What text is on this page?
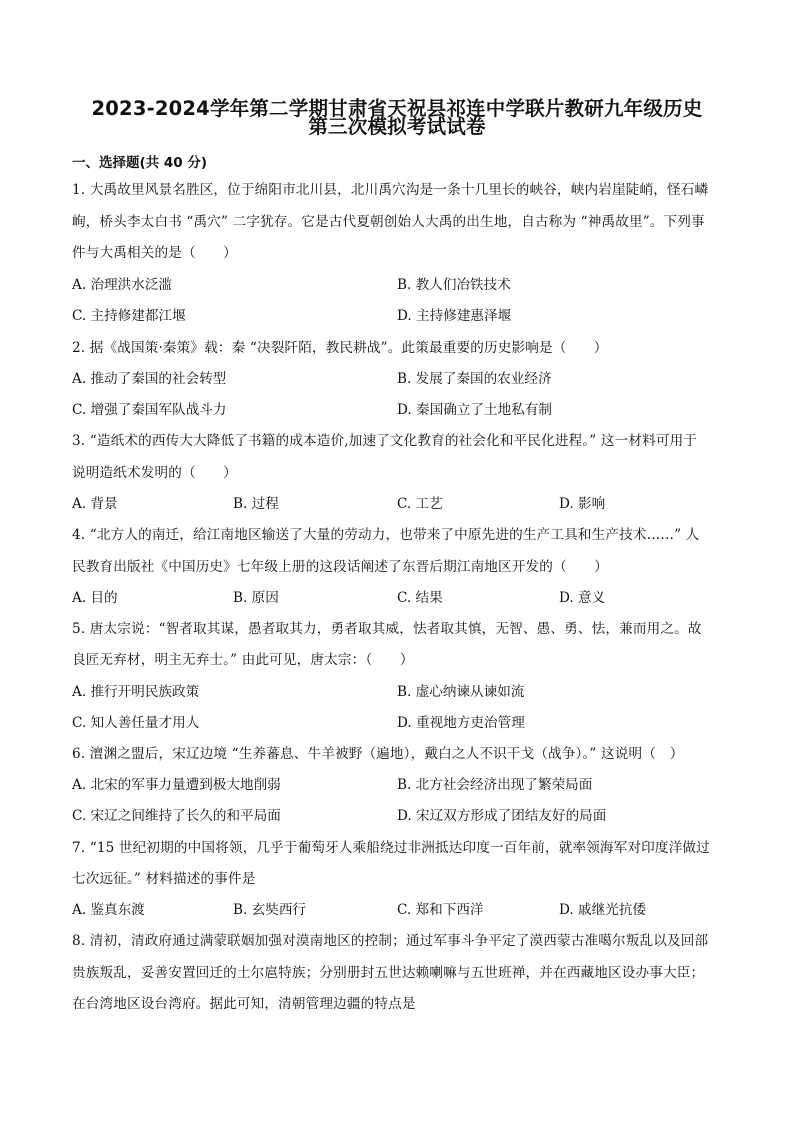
2023-2024学年第二学期甘肃省天祝县祁连中学联片教研九年级历史
第三次模拟考试试卷
一、选择题(共 40 分)
1. 大禹故里风景名胜区，位于绵阳市北川县，北川禹穴沟是一条十几里长的峡谷，峡内岩崖陡峭，怪石嶙
峋，桥头李太白书 “禹穴” 二字犹存。它是古代夏朝创始人大禹的出生地，自古称为 “神禹故里”。下列事
件与大禹相关的是（　　）
A. 治理洪水泛滥	B. 教人们冶铁技术
C. 主持修建都江堰	D. 主持修建惠泽堰
2. 据《战国策·秦策》载：秦 “决裂阡陌，教民耕战”。此策最重要的历史影响是（　　）
A. 推动了秦国的社会转型	B. 发展了秦国的农业经济
C. 增强了秦国军队战斗力	D. 秦国确立了土地私有制
3. “造纸术的西传大大降低了书籍的成本造价,加速了文化教育的社会化和平民化进程。” 这一材料可用于
说明造纸术发明的（　　）
A. 背景	B. 过程	C. 工艺	D. 影响
4. “北方人的南迁，给江南地区输送了大量的劳动力，也带来了中原先进的生产工具和生产技术……” 人
民教育出版社《中国历史》七年级上册的这段话阐述了东晋后期江南地区开发的（　　）
A. 目的	B. 原因	C. 结果	D. 意义
5. 唐太宗说：“智者取其谋，愚者取其力，勇者取其威，怯者取其慎，无智、愚、勇、怯，兼而用之。故
良匠无弃材，明主无弃士。” 由此可见，唐太宗：（　　）
A. 推行开明民族政策	B. 虚心纳谏从谏如流
C. 知人善任量才用人	D. 重视地方吏治管理
6. 澶渊之盟后，宋辽边境 “生养蕃息、牛羊被野（遍地），戴白之人不识干戈（战争）。” 这说明（　）
A. 北宋的军事力量遭到极大地削弱	B. 北方社会经济出现了繁荣局面
C. 宋辽之间维持了长久的和平局面	D. 宋辽双方形成了团结友好的局面
7. “15 世纪初期的中国将领，几乎于葡萄牙人乘船绕过非洲抵达印度一百年前，就率领海军对印度洋做过
七次远征。” 材料描述的事件是
A. 鉴真东渡	B. 玄奘西行	C. 郑和下西洋	D. 戚继光抗倭
8. 清初，清政府通过满蒙联姻加强对漠南地区的控制；通过军事斗争平定了漠西蒙古准噶尔叛乱以及回部
贵族叛乱，妥善安置回迁的土尔扈特族；分别册封五世达赖喇嘛与五世班禅，并在西藏地区设办事大臣；
在台湾地区设台湾府。据此可知，清朝管理边疆的特点是
